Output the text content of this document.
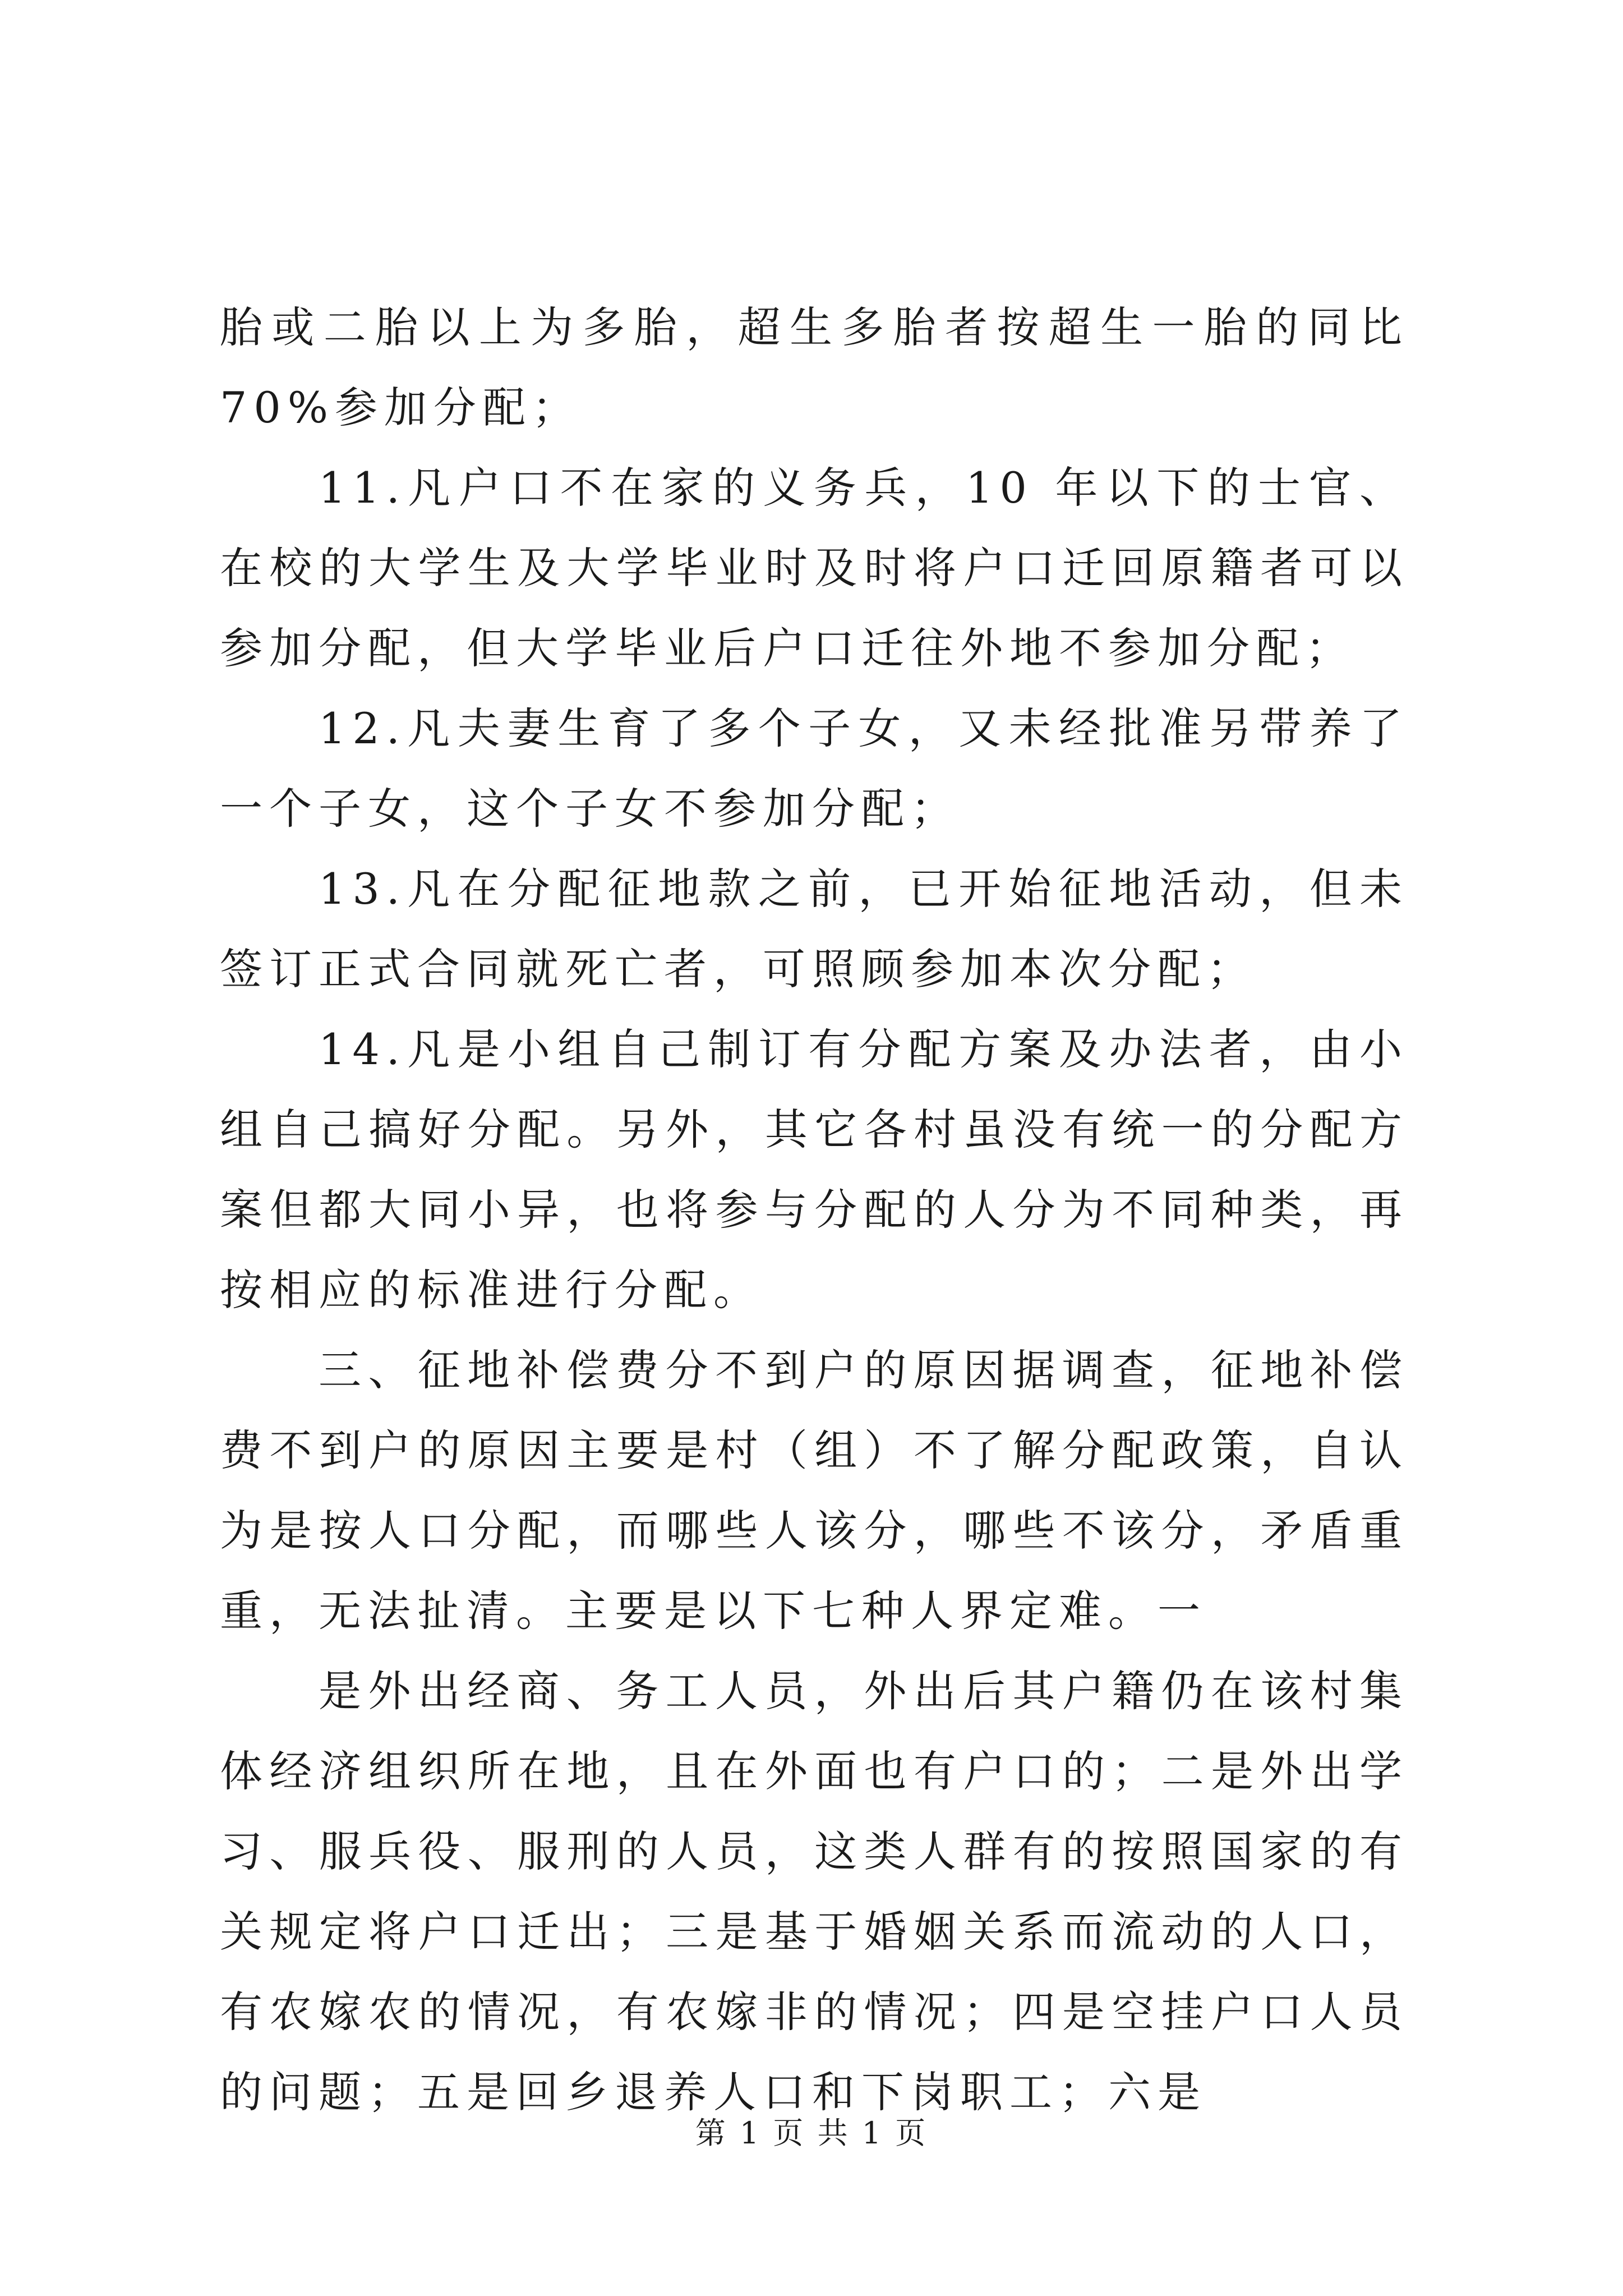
胎或二胎以上为多胎，超生多胎者按超生一胎的同比 70%参加分配；

11.凡户口不在家的义务兵，10 年以下的士官、在校的大学生及大学毕业时及时将户口迁回原籍者可以参加分配，但大学毕业后户口迁往外地不参加分配；

12.凡夫妻生育了多个子女，又未经批准另带养了一个子女，这个子女不参加分配；

13.凡在分配征地款之前，已开始征地活动，但未签订正式合同就死亡者，可照顾参加本次分配；

14.凡是小组自己制订有分配方案及办法者，由小组自己搞好分配。另外，其它各村虽没有统一的分配方案但都大同小异，也将参与分配的人分为不同种类，再按相应的标准进行分配。

三、征地补偿费分不到户的原因据调查，征地补偿费不到户的原因主要是村（组）不了解分配政策，自认为是按人口分配，而哪些人该分，哪些不该分，矛盾重重，无法扯清。主要是以下七种人界定难。一

是外出经商、务工人员，外出后其户籍仍在该村集体经济组织所在地，且在外面也有户口的；二是外出学习、服兵役、服刑的人员，这类人群有的按照国家的有关规定将户口迁出；三是基于婚姻关系而流动的人口，有农嫁农的情况，有农嫁非的情况；四是空挂户口人员的问题；五是回乡退养人口和下岗职工；六是

第 1 页 共 1 页
